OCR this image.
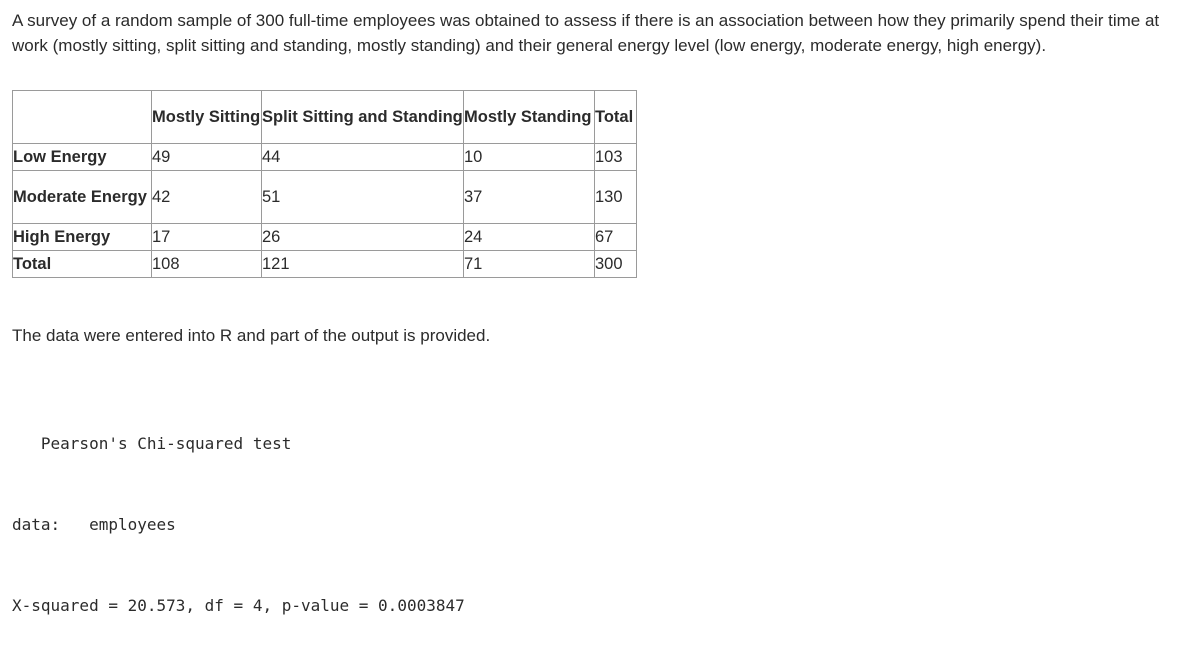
A survey of a random sample of 300 full-time employees was obtained to assess if there is an association between how they primarily spend their time at work (mostly sitting, split sitting and standing, mostly standing) and their general energy level (low energy, moderate energy, high energy).

	Mostly Sitting	Split Sitting and Standing	Mostly Standing	Total
Low Energy	49	44	10	103
Moderate Energy	42	51	37	130
High Energy	17	26	24	67
Total	108	121	71	300

The data were entered into R and part of the output is provided.

Pearson's Chi-squared test

data:   employees

X-squared = 20.573, df = 4, p-value = 0.0003847
